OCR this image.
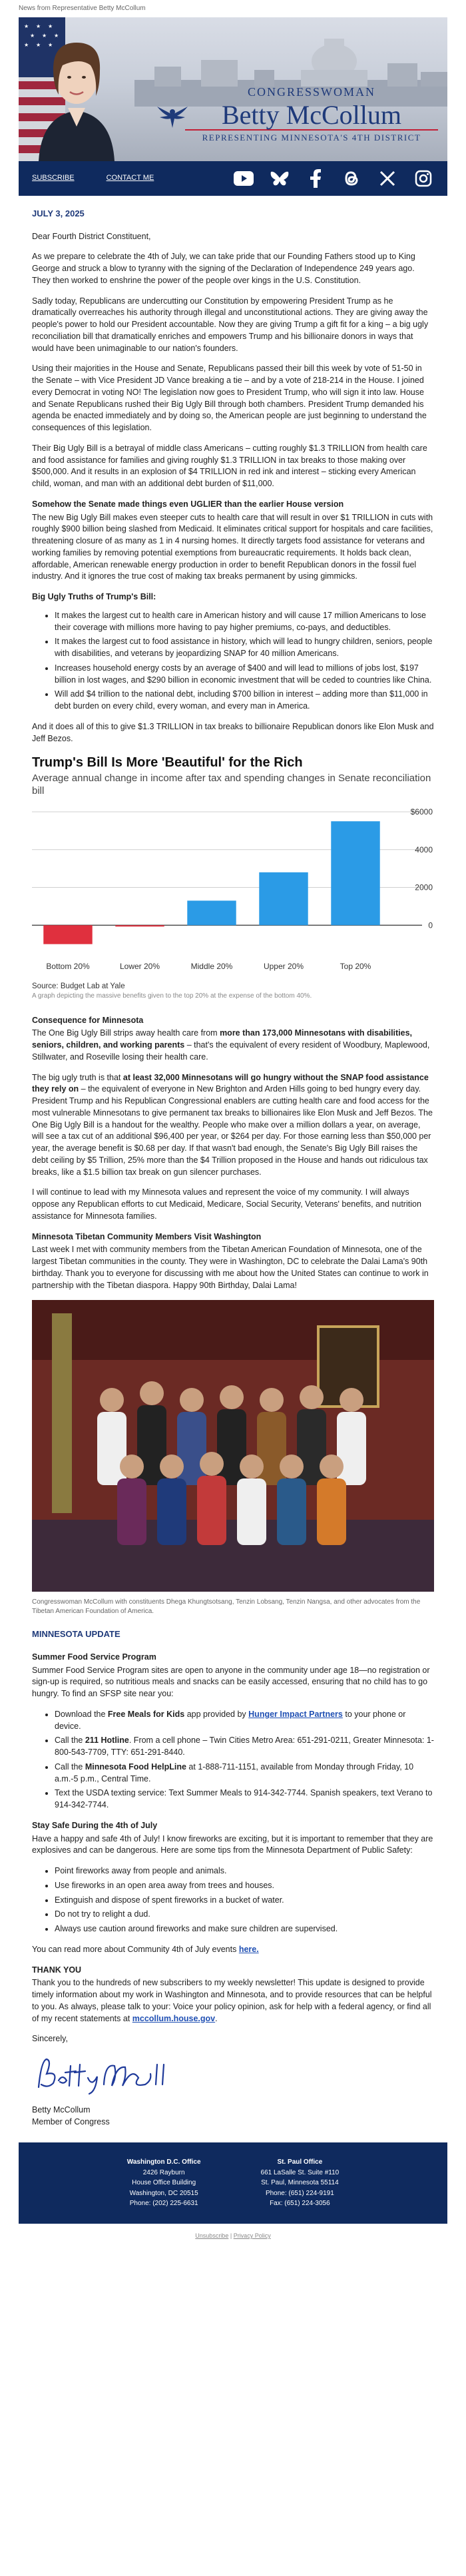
News from Representative Betty McCollum
★ ★ ★
★ ★ ★
★ ★ ★
CONGRESSWOMAN
Betty McCollum
REPRESENTING MINNESOTA'S 4TH DISTRICT
SUBSCRIBE	CONTACT ME
JULY 3, 2025

Dear Fourth District Constituent,

As we prepare to celebrate the 4th of July, we can take pride that our Founding Fathers stood up to King George and struck a blow to tyranny with the signing of the Declaration of Independence 249 years ago. They then worked to enshrine the power of the people over kings in the U.S. Constitution.

Sadly today, Republicans are undercutting our Constitution by empowering President Trump as he dramatically overreaches his authority through illegal and unconstitutional actions. They are giving away the people's power to hold our President accountable. Now they are giving Trump a gift fit for a king – a big ugly reconciliation bill that dramatically enriches and empowers Trump and his billionaire donors in ways that would have been unimaginable to our nation's founders.

Using their majorities in the House and Senate, Republicans passed their bill this week by vote of 51-50 in the Senate – with Vice President JD Vance breaking a tie – and by a vote of 218-214 in the House. I joined every Democrat in voting NO! The legislation now goes to President Trump, who will sign it into law. House and Senate Republicans rushed their Big Ugly Bill through both chambers. President Trump demanded his agenda be enacted immediately and by doing so, the American people are just beginning to understand the consequences of this legislation.

Their Big Ugly Bill is a betrayal of middle class Americans – cutting roughly $1.3 TRILLION from health care and food assistance for families and giving roughly $1.3 TRILLION in tax breaks to those making over $500,000. And it results in an explosion of $4 TRILLION in red ink and interest – sticking every American child, woman, and man with an additional debt burden of $11,000.

Somehow the Senate made things even UGLIER than the earlier House version

The new Big Ugly Bill makes even steeper cuts to health care that will result in over $1 TRILLION in cuts with roughly $900 billion being slashed from Medicaid. It eliminates critical support for hospitals and care facilities, threatening closure of as many as 1 in 4 nursing homes. It directly targets food assistance for veterans and working families by removing potential exemptions from bureaucratic requirements. It holds back clean, affordable, American renewable energy production in order to benefit Republican donors in the fossil fuel industry. And it ignores the true cost of making tax breaks permanent by using gimmicks.

Big Ugly Truths of Trump's Bill:
• It makes the largest cut to health care in American history and will cause 17 million Americans to lose their coverage with millions more having to pay higher premiums, co-pays, and deductibles.
• It makes the largest cut to food assistance in history, which will lead to hungry children, seniors, people with disabilities, and veterans by jeopardizing SNAP for 40 million Americans.
• Increases household energy costs by an average of $400 and will lead to millions of jobs lost, $197 billion in lost wages, and $290 billion in economic investment that will be ceded to countries like China.
• Will add $4 trillion to the national debt, including $700 billion in interest – adding more than $11,000 in debt burden on every child, every woman, and every man in America.

And it does all of this to give $1.3 TRILLION in tax breaks to billionaire Republican donors like Elon Musk and Jeff Bezos.

Trump's Bill Is More 'Beautiful' for the Rich
Average annual change in income after tax and spending changes in Senate reconciliation bill
0
2000
4000
$6000
Bottom 20%	Lower 20%	Middle 20%	Upper 20%	Top 20%
Source: Budget Lab at Yale
A graph depicting the massive benefits given to the top 20% at the expense of the bottom 40%.
Consequence for Minnesota

The One Big Ugly Bill strips away health care from more than 173,000 Minnesotans with disabilities, seniors, children, and working parents – that's the equivalent of every resident of Woodbury, Maplewood, Stillwater, and Roseville losing their health care.

The big ugly truth is that at least 32,000 Minnesotans will go hungry without the SNAP food assistance they rely on – the equivalent of everyone in New Brighton and Arden Hills going to bed hungry every day. President Trump and his Republican Congressional enablers are cutting health care and food access for the most vulnerable Minnesotans to give permanent tax breaks to billionaires like Elon Musk and Jeff Bezos. The One Big Ugly Bill is a handout for the wealthy. People who make over a million dollars a year, on average, will see a tax cut of an additional $96,400 per year, or $264 per day. For those earning less than $50,000 per year, the average benefit is $0.68 per day. If that wasn't bad enough, the Senate's Big Ugly Bill raises the debt ceiling by $5 Trillion, 25% more than the $4 Trillion proposed in the House and hands out ridiculous tax breaks, like a $1.5 billion tax break on gun silencer purchases.

I will continue to lead with my Minnesota values and represent the voice of my community. I will always oppose any Republican efforts to cut Medicaid, Medicare, Social Security, Veterans' benefits, and nutrition assistance for Minnesota families.

Minnesota Tibetan Community Members Visit Washington

Last week I met with community members from the Tibetan American Foundation of Minnesota, one of the largest Tibetan communities in the county. They were in Washington, DC to celebrate the Dalai Lama's 90th birthday. Thank you to everyone for discussing with me about how the United States can continue to work in partnership with the Tibetan diaspora. Happy 90th Birthday, Dalai Lama!

Congresswoman McCollum with constituents Dhega Khungtsotsang, Tenzin Lobsang, Tenzin Nangsa, and other advocates from the Tibetan American Foundation of America.
MINNESOTA UPDATE
Summer Food Service Program

Summer Food Service Program sites are open to anyone in the community under age 18—no registration or sign-up is required, so nutritious meals and snacks can be easily accessed, ensuring that no child has to go hungry. To find an SFSP site near you:

• Download the Free Meals for Kids app provided by Hunger Impact Partners to your phone or device.
• Call the 211 Hotline. From a cell phone – Twin Cities Metro Area: 651-291-0211, Greater Minnesota: 1-800-543-7709, TTY: 651-291-8440.
• Call the Minnesota Food HelpLine at 1-888-711-1151, available from Monday through Friday, 10 a.m.-5 p.m., Central Time.
• Text the USDA texting service: Text Summer Meals to 914-342-7744. Spanish speakers, text Verano to 914-342-7744.
Stay Safe During the 4th of July

Have a happy and safe 4th of July! I know fireworks are exciting, but it is important to remember that they are explosives and can be dangerous. Here are some tips from the Minnesota Department of Public Safety:

• Point fireworks away from people and animals.
• Use fireworks in an open area away from trees and houses.
• Extinguish and dispose of spent fireworks in a bucket of water.
• Do not try to relight a dud.
• Always use caution around fireworks and make sure children are supervised.

You can read more about Community 4th of July events here.

THANK YOU

Thank you to the hundreds of new subscribers to my weekly newsletter! This update is designed to provide timely information about my work in Washington and Minnesota, and to provide resources that can be helpful to you. As always, please talk to your: Voice your policy opinion, ask for help with a federal agency, or find all of my recent statements at mccollum.house.gov.

Sincerely,

Betty McCollum
Member of Congress
Washington D.C. Office
2426 Rayburn
House Office Building
Washington, DC 20515
Phone: (202) 225-6631
St. Paul Office
661 LaSalle St. Suite #110
St. Paul, Minnesota 55114
Phone: (651) 224-9191
Fax: (651) 224-3056
Unsubscribe | Privacy Policy
